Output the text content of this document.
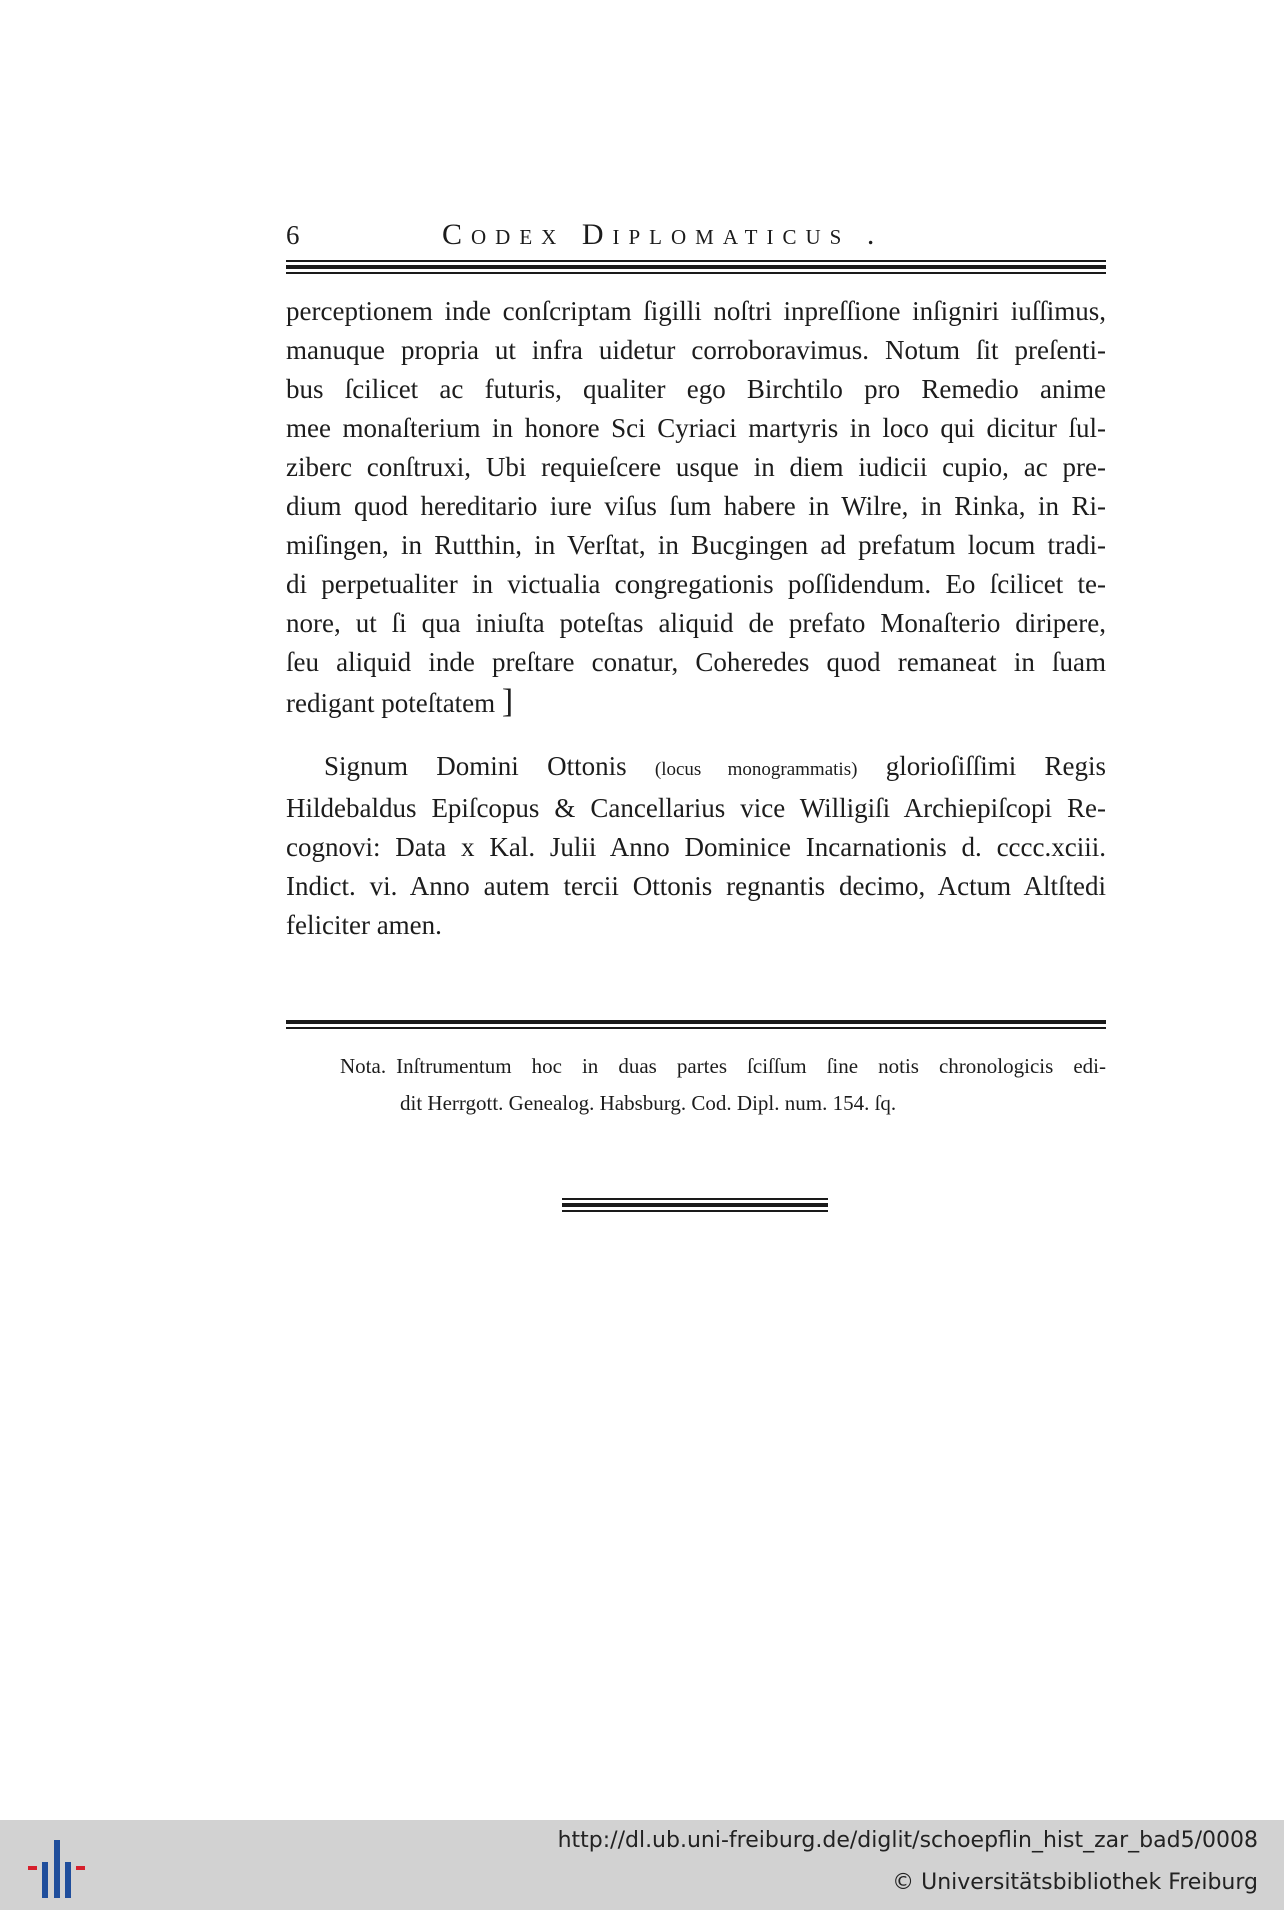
6	Codex Diplomaticus .

perceptionem inde conſcriptam ſigilli noſtri inpreſſione inſigniri iuſſimus,

manuque propria ut infra uidetur corroboravimus. Notum ſit preſenti-

bus ſcilicet ac futuris, qualiter ego Birchtilo pro Remedio anime

mee monaſterium in honore Sci Cyriaci martyris in loco qui dicitur ſul-

ziberc conſtruxi, Ubi requieſcere usque in diem iudicii cupio, ac pre-

dium quod hereditario iure viſus ſum habere in Wilre, in Rinka, in Ri-

miſingen, in Rutthin, in Verſtat, in Bucgingen ad prefatum locum tradi-

di perpetualiter in victualia congregationis poſſidendum. Eo ſcilicet te-

nore, ut ſi qua iniuſta poteſtas aliquid de prefato Monaſterio diripere,

ſeu aliquid inde preſtare conatur, Coheredes quod remaneat in ſuam

redigant poteſtatem ]

Signum Domini Ottonis (locus monogrammatis) glorioſiſſimi Regis

Hildebaldus Epiſcopus & Cancellarius vice Willigiſi Archiepiſcopi Re-

cognovi: Data x Kal. Julii Anno Dominice Incarnationis d. cccc.xciii.

Indict. vi. Anno autem tercii Ottonis regnantis decimo, Actum Altſtedi

feliciter amen.

Nota. Inſtrumentum hoc in duas partes ſciſſum ſine notis chronologicis edi-

dit Herrgott. Genealog. Habsburg. Cod. Dipl. num. 154. ſq.

http://dl.ub.uni-freiburg.de/diglit/schoepflin_hist_zar_bad5/0008
© Universitätsbibliothek Freiburg
